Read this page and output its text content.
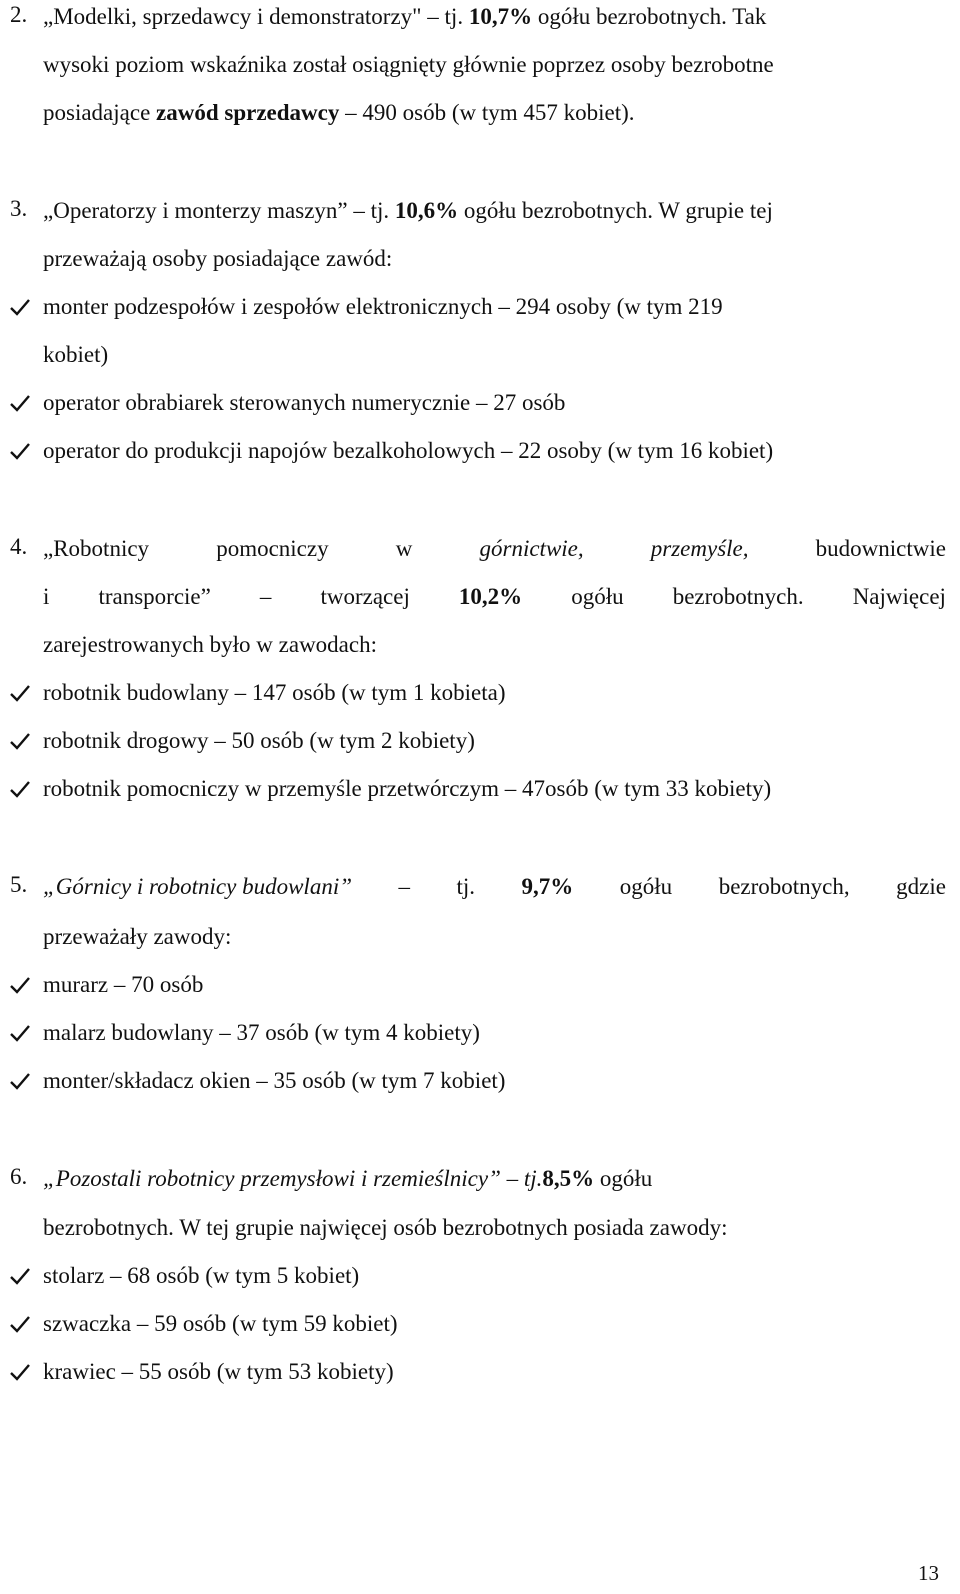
2. „Modelki, sprzedawcy i demonstratorzy" – tj. 10,7% ogółu bezrobotnych. Tak
wysoki poziom wskaźnika został osiągnięty głównie poprzez osoby bezrobotne
posiadające zawód sprzedawcy – 490 osób (w tym 457 kobiet).
3. „Operatorzy i monterzy maszyn” – tj. 10,6% ogółu bezrobotnych. W grupie tej
przeważają osoby posiadające zawód:
monter podzespołów i zespołów elektronicznych – 294 osoby (w tym 219
kobiet)
operator obrabiarek sterowanych numerycznie – 27 osób
operator do produkcji napojów bezalkoholowych – 22 osoby (w tym 16 kobiet)
4. „Robotnicy	pomocniczy	w	górnictwie,	przemyśle,	budownictwie
i transporcie” – tworzącej 10,2% ogółu bezrobotnych. Najwięcej
zarejestrowanych było w zawodach:
robotnik budowlany – 147 osób (w tym 1 kobieta)
robotnik drogowy – 50 osób (w tym 2 kobiety)
robotnik pomocniczy w przemyśle przetwórczym – 47osób (w tym 33 kobiety)
5. „Górnicy i robotnicy budowlani” – tj. 9,7% ogółu bezrobotnych, gdzie
przeważały zawody:
murarz – 70 osób
malarz budowlany – 37 osób (w tym 4 kobiety)
monter/składacz okien – 35 osób (w tym 7 kobiet)
6. „Pozostali robotnicy przemysłowi i rzemieślnicy” – tj.8,5% ogółu
bezrobotnych. W tej grupie najwięcej osób bezrobotnych posiada zawody:
stolarz – 68 osób (w tym 5 kobiet)
szwaczka – 59 osób (w tym 59 kobiet)
krawiec – 55 osób (w tym 53 kobiety)
13
